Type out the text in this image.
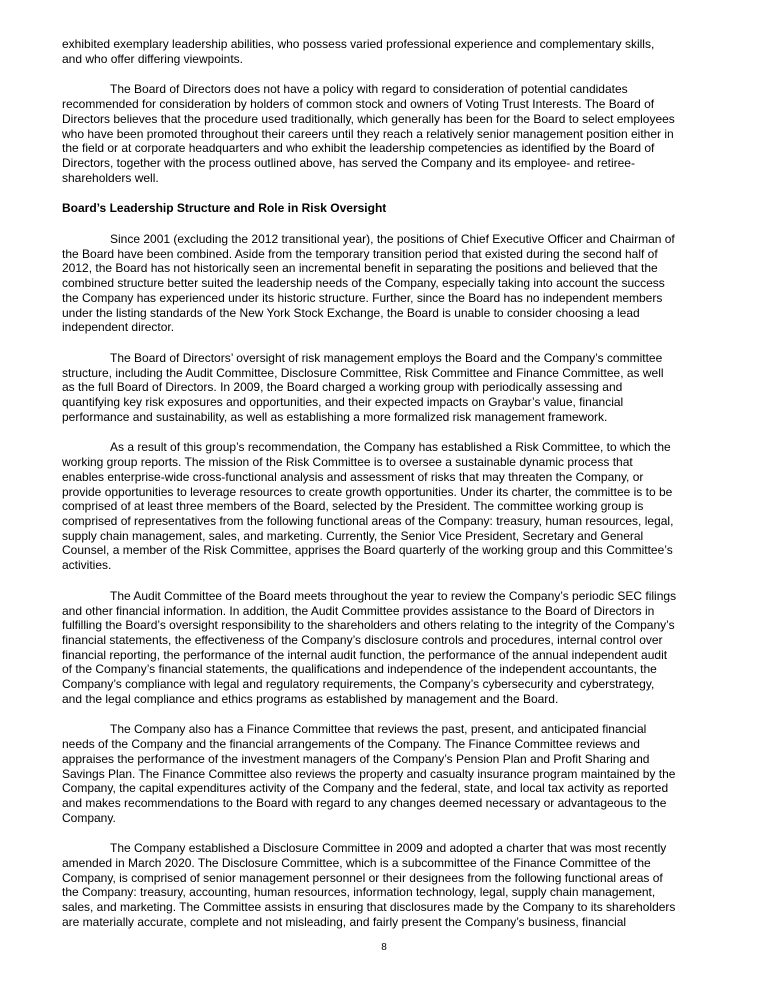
exhibited exemplary leadership abilities, who possess varied professional experience and complementary skills,
and who offer differing viewpoints.
The Board of Directors does not have a policy with regard to consideration of potential candidates
recommended for consideration by holders of common stock and owners of Voting Trust Interests. The Board of
Directors believes that the procedure used traditionally, which generally has been for the Board to select employees
who have been promoted throughout their careers until they reach a relatively senior management position either in
the field or at corporate headquarters and who exhibit the leadership competencies as identified by the Board of
Directors, together with the process outlined above, has served the Company and its employee- and retiree-
shareholders well.
Board’s Leadership Structure and Role in Risk Oversight
Since 2001 (excluding the 2012 transitional year), the positions of Chief Executive Officer and Chairman of
the Board have been combined. Aside from the temporary transition period that existed during the second half of
2012, the Board has not historically seen an incremental benefit in separating the positions and believed that the
combined structure better suited the leadership needs of the Company, especially taking into account the success
the Company has experienced under its historic structure. Further, since the Board has no independent members
under the listing standards of the New York Stock Exchange, the Board is unable to consider choosing a lead
independent director.
The Board of Directors’ oversight of risk management employs the Board and the Company’s committee
structure, including the Audit Committee, Disclosure Committee, Risk Committee and Finance Committee, as well
as the full Board of Directors. In 2009, the Board charged a working group with periodically assessing and
quantifying key risk exposures and opportunities, and their expected impacts on Graybar’s value, financial
performance and sustainability, as well as establishing a more formalized risk management framework.
As a result of this group’s recommendation, the Company has established a Risk Committee, to which the
working group reports. The mission of the Risk Committee is to oversee a sustainable dynamic process that
enables enterprise-wide cross-functional analysis and assessment of risks that may threaten the Company, or
provide opportunities to leverage resources to create growth opportunities. Under its charter, the committee is to be
comprised of at least three members of the Board, selected by the President. The committee working group is
comprised of representatives from the following functional areas of the Company: treasury, human resources, legal,
supply chain management, sales, and marketing. Currently, the Senior Vice President, Secretary and General
Counsel, a member of the Risk Committee, apprises the Board quarterly of the working group and this Committee’s
activities.
The Audit Committee of the Board meets throughout the year to review the Company’s periodic SEC filings
and other financial information. In addition, the Audit Committee provides assistance to the Board of Directors in
fulfilling the Board’s oversight responsibility to the shareholders and others relating to the integrity of the Company’s
financial statements, the effectiveness of the Company’s disclosure controls and procedures, internal control over
financial reporting, the performance of the internal audit function, the performance of the annual independent audit
of the Company’s financial statements, the qualifications and independence of the independent accountants, the
Company’s compliance with legal and regulatory requirements, the Company’s cybersecurity and cyberstrategy,
and the legal compliance and ethics programs as established by management and the Board.
The Company also has a Finance Committee that reviews the past, present, and anticipated financial
needs of the Company and the financial arrangements of the Company. The Finance Committee reviews and
appraises the performance of the investment managers of the Company’s Pension Plan and Profit Sharing and
Savings Plan. The Finance Committee also reviews the property and casualty insurance program maintained by the
Company, the capital expenditures activity of the Company and the federal, state, and local tax activity as reported
and makes recommendations to the Board with regard to any changes deemed necessary or advantageous to the
Company.
The Company established a Disclosure Committee in 2009 and adopted a charter that was most recently
amended in March 2020. The Disclosure Committee, which is a subcommittee of the Finance Committee of the
Company, is comprised of senior management personnel or their designees from the following functional areas of
the Company: treasury, accounting, human resources, information technology, legal, supply chain management,
sales, and marketing. The Committee assists in ensuring that disclosures made by the Company to its shareholders
are materially accurate, complete and not misleading, and fairly present the Company’s business, financial
8
